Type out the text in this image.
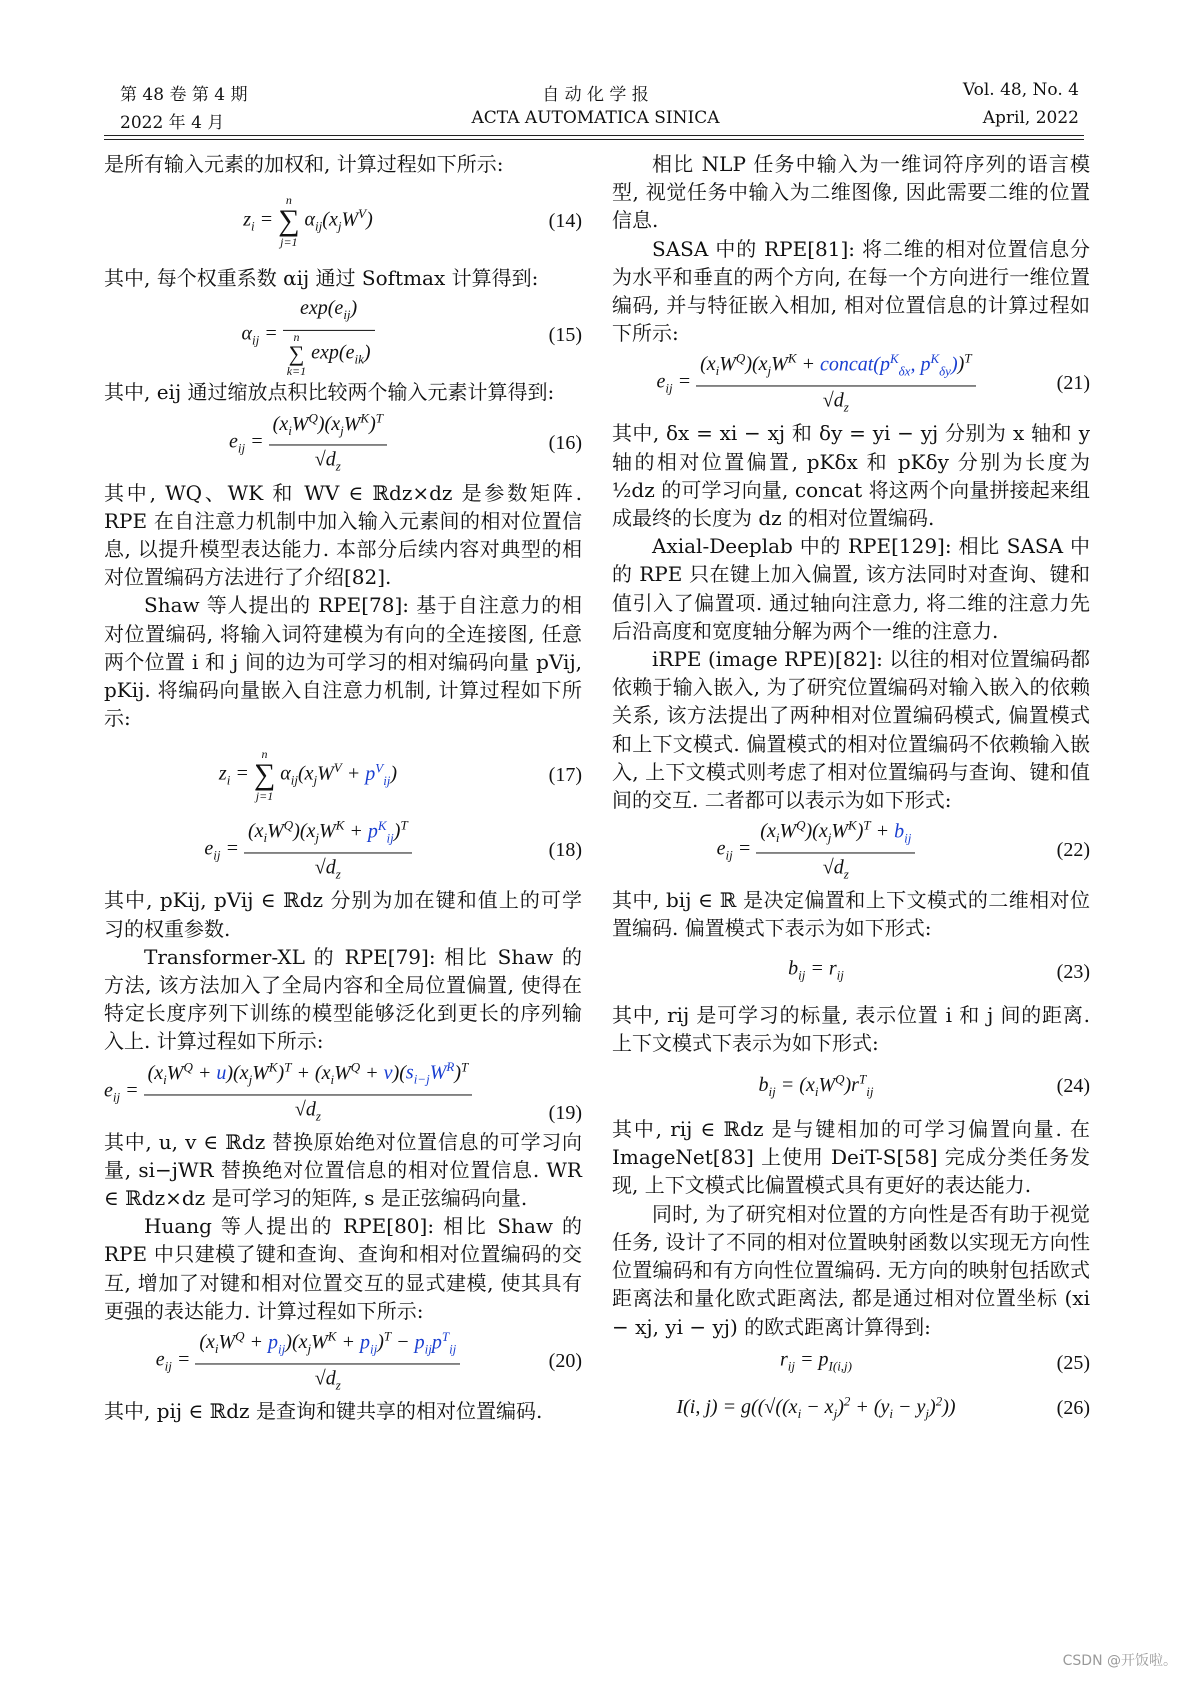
第 48 卷 第 4 期	自 动 化 学 报	Vol. 48, No. 4
2022 年 4 月	ACTA AUTOMATICA SINICA	April, 2022

是所有输入元素的加权和, 计算过程如下所示:

$z_i$ =
n
∑
j=1
$\alpha_{ij}(x_jW^V)$	(14)

其中, 每个权重系数 αij 通过 Softmax 计算得到:

$\alpha_{ij} = \exp(e_{ij})$
n
∑
k=1
$\exp(e_{ik})$	(15)

其中, eij 通过缩放点积比较两个输入元素计算得到:

$e_{ij} = \frac{(x_iW^Q)(x_jW^K)^T}{√d_z}$	(16)

其中, WQ、WK 和 WV ∈ ℝdz×dz 是参数矩阵. RPE 在自注意力机制中加入输入元素间的相对位置信息, 以提升模型表达能力. 本部分后续内容对典型的相对位置编码方法进行了介绍[82].

Shaw 等人提出的 RPE[78]: 基于自注意力的相对位置编码, 将输入词符建模为有向的全连接图, 任意两个位置 i 和 j 间的边为可学习的相对编码向量 pVij, pKij. 将编码向量嵌入自注意力机制, 计算过程如下所示:

$z_i$ =
n
∑
j=1
$\alpha_{ij}(x_jW^V + p^V_{ij})$	(17)
$e_{ij} = \frac{(x_iW^Q)(x_jW^K + p^K_{ij})^T}{√d_z}$	(18)

其中, pKij, pVij ∈ ℝdz 分别为加在键和值上的可学习的权重参数.

Transformer-XL 的 RPE[79]: 相比 Shaw 的方法, 该方法加入了全局内容和全局位置偏置, 使得在特定长度序列下训练的模型能够泛化到更长的序列输入上. 计算过程如下所示:

$e_{ij} = \frac{(x_iW^Q + u)(x_jW^K)^T + (x_iW^Q + v)(s_{i-j}W^R)^T}{√d_z}$	(19)

其中, u, v ∈ ℝdz 替换原始绝对位置信息的可学习向量, si−jWR 替换绝对位置信息的相对位置信息. WR ∈ ℝdz×dz 是可学习的矩阵, s 是正弦编码向量.

Huang 等人提出的 RPE[80]: 相比 Shaw 的 RPE 中只建模了键和查询、查询和相对位置编码的交互, 增加了对键和相对位置交互的显式建模, 使其具有更强的表达能力. 计算过程如下所示:

$e_{ij} = \frac{(x_iW^Q + p_{ij})(x_jW^K + p_{ij})^T - p_{ij}p^T_{ij}}{√d_z}$	(20)

其中, pij ∈ ℝdz 是查询和键共享的相对位置编码.

相比 NLP 任务中输入为一维词符序列的语言模型, 视觉任务中输入为二维图像, 因此需要二维的位置信息.

SASA 中的 RPE[81]: 将二维的相对位置信息分为水平和垂直的两个方向, 在每一个方向进行一维位置编码, 并与特征嵌入相加, 相对位置信息的计算过程如下所示:

$e_{ij} = \frac{(x_iW^Q)(x_jW^K + concat(p^K_{\delta x}, p^K_{\delta y}))^T}{√d_z}$	(21)

其中, δx = xi − xj 和 δy = yi − yj 分别为 x 轴和 y 轴的相对位置偏置, pKδx 和 pKδy 分别为长度为 ½dz 的可学习向量, concat 将这两个向量拼接起来组成最终的长度为 dz 的相对位置编码.

Axial-Deeplab 中的 RPE[129]: 相比 SASA 中的 RPE 只在键上加入偏置, 该方法同时对查询、键和值引入了偏置项. 通过轴向注意力, 将二维的注意力先后沿高度和宽度轴分解为两个一维的注意力.

iRPE (image RPE)[82]: 以往的相对位置编码都依赖于输入嵌入, 为了研究位置编码对输入嵌入的依赖关系, 该方法提出了两种相对位置编码模式, 偏置模式和上下文模式. 偏置模式的相对位置编码不依赖输入嵌入, 上下文模式则考虑了相对位置编码与查询、键和值间的交互. 二者都可以表示为如下形式:

$e_{ij} = \frac{(x_iW^Q)(x_jW^K)^T + b_{ij}}{√d_z}$	(22)

其中, bij ∈ ℝ 是决定偏置和上下文模式的二维相对位置编码. 偏置模式下表示为如下形式:

$b_{ij} = r_{ij}$	(23)

其中, rij 是可学习的标量, 表示位置 i 和 j 间的距离. 上下文模式下表示为如下形式:

$b_{ij} = (x_iW^Q)r^T_{ij}$	(24)

其中, rij ∈ ℝdz 是与键相加的可学习偏置向量. 在 ImageNet[83] 上使用 DeiT-S[58] 完成分类任务发现, 上下文模式比偏置模式具有更好的表达能力.

同时, 为了研究相对位置的方向性是否有助于视觉任务, 设计了不同的相对位置映射函数以实现无方向性位置编码和有方向性位置编码. 无方向的映射包括欧式距离法和量化欧式距离法, 都是通过相对位置坐标 (xi − xj, yi − yj) 的欧式距离计算得到:

$r_{ij} = p_{I(i,j)}$	(25)
I(i, $j) = g((√((x_i - x_j)^2 + (y_i - y_j)^2))$	(26)
CSDN @开饭啦。
